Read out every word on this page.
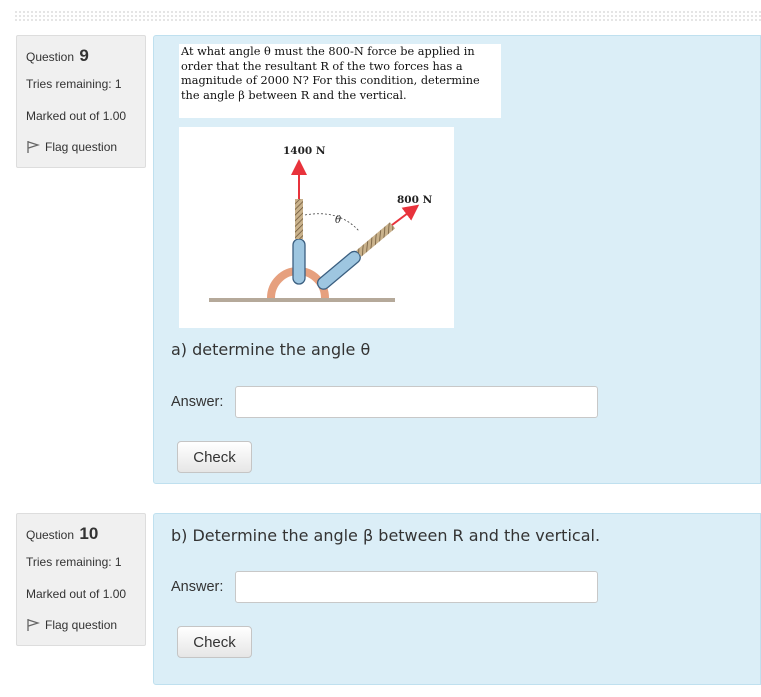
Question 9
Tries remaining: 1
Marked out of 1.00
Flag question
At what angle θ must the 800-N force be applied in
order that the resultant R of the two forces has a
magnitude of 2000 N? For this condition, determine
the angle β between R and the vertical.
1400 N
800 N
θ
a) determine the angle θ
Answer:
Check
Question 10
Tries remaining: 1
Marked out of 1.00
Flag question
b) Determine the angle β between R and the vertical.
Answer:
Check
